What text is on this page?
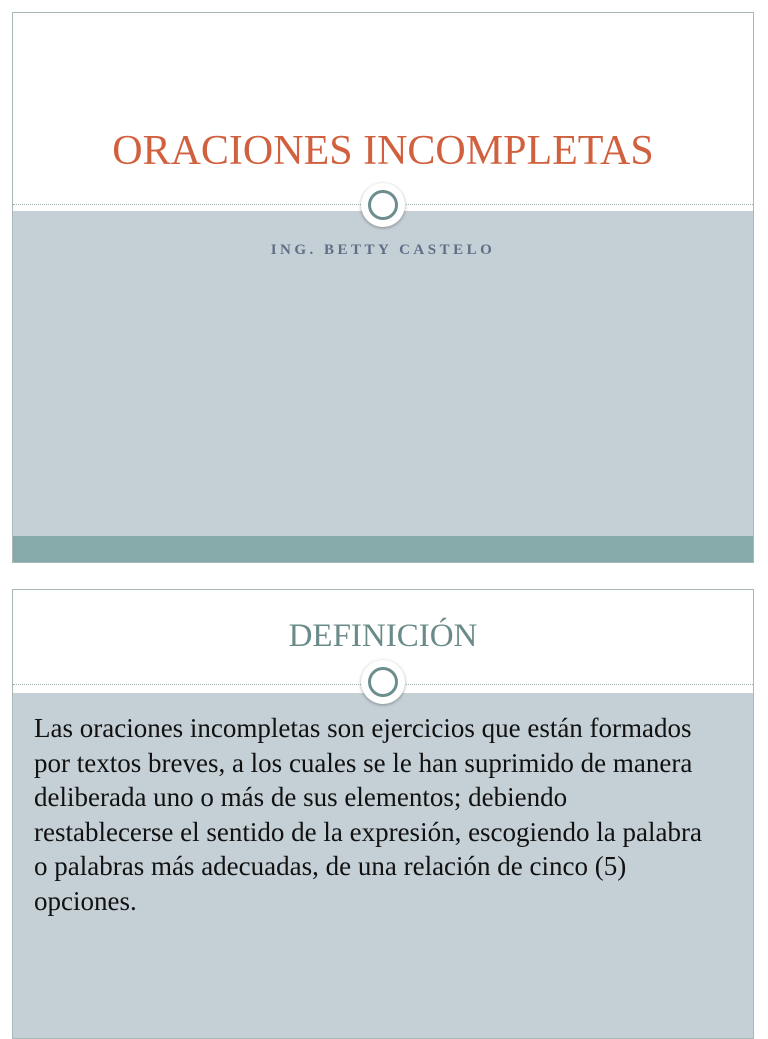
ORACIONES INCOMPLETAS

ING. BETTY CASTELO

DEFINICIÓN

Las oraciones incompletas son ejercicios que están formados por textos breves, a los cuales se le han suprimido de manera deliberada uno o más de sus elementos; debiendo restablecerse el sentido de la expresión, escogiendo la palabra o palabras más adecuadas, de una relación de cinco (5) opciones.
